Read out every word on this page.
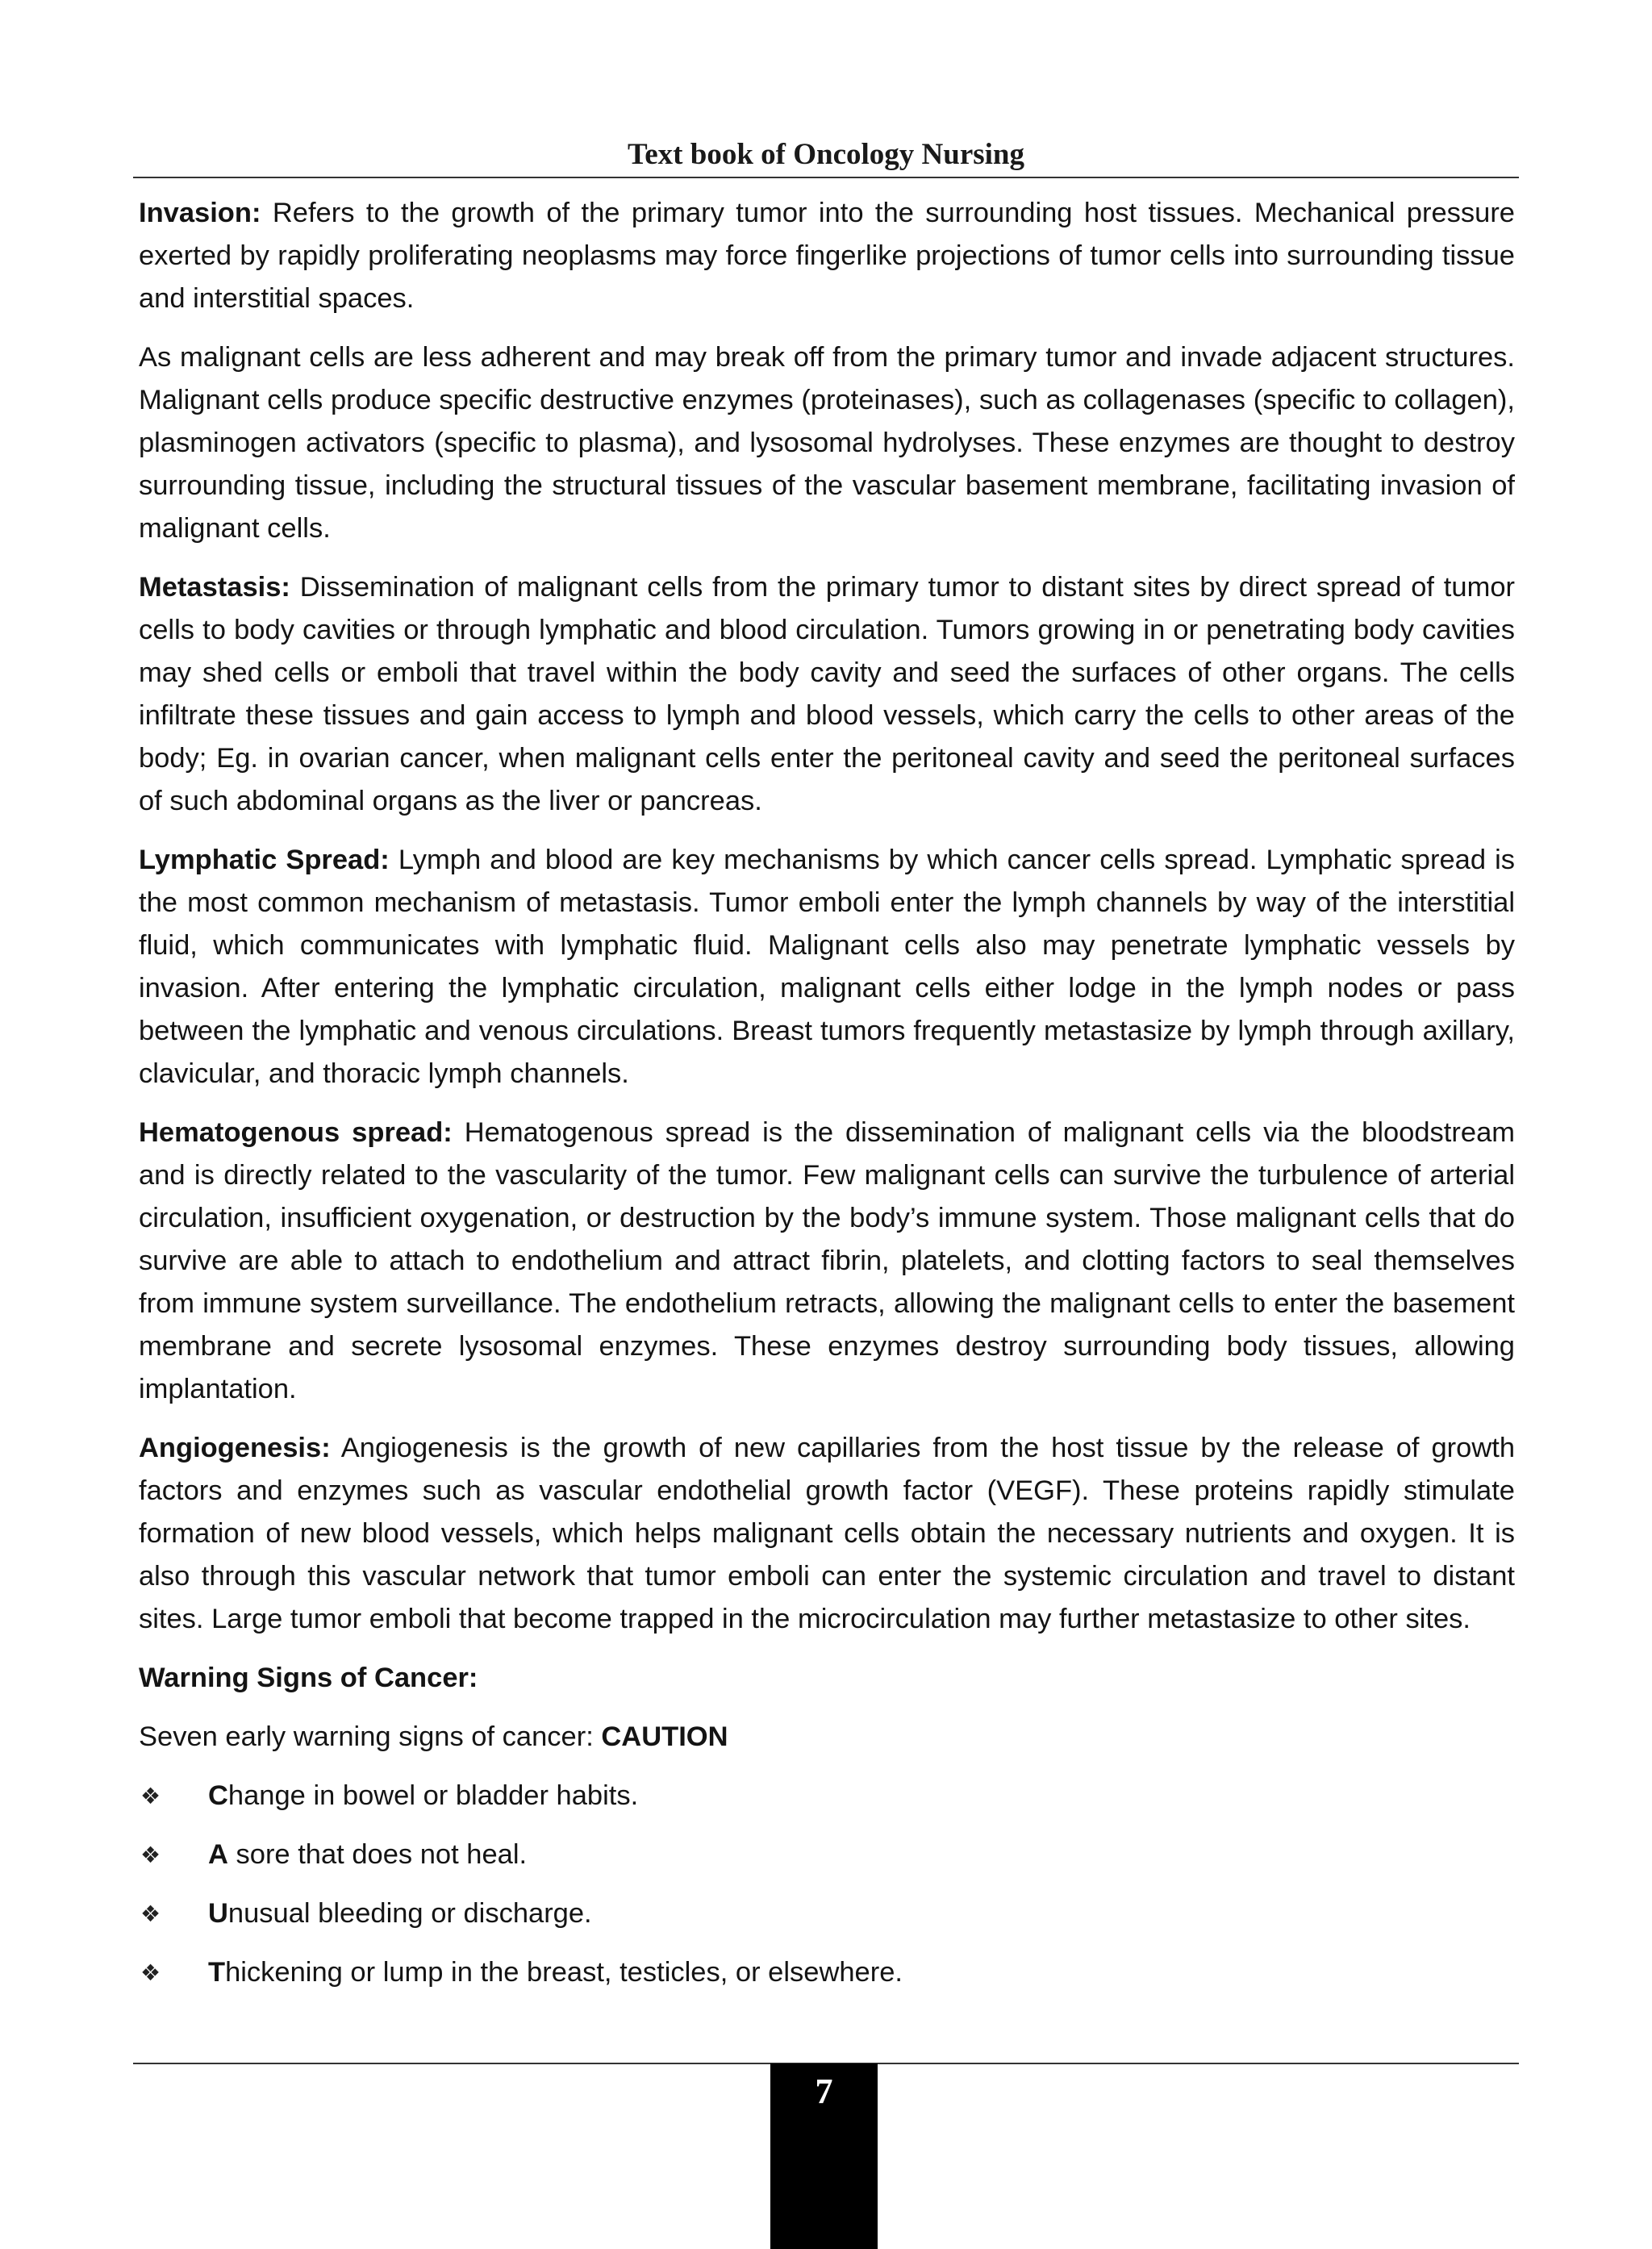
Text book of Oncology Nursing

Invasion: Refers to the growth of the primary tumor into the surrounding host tissues. Mechanical pressure exerted by rapidly proliferating neoplasms may force fingerlike projections of tumor cells into surrounding tissue and interstitial spaces.

As malignant cells are less adherent and may break off from the primary tumor and invade adjacent structures. Malignant cells produce specific destructive enzymes (proteinases), such as collagenases (specific to collagen), plasminogen activators (specific to plasma), and lysosomal hydrolyses. These enzymes are thought to destroy surrounding tissue, including the structural tissues of the vascular basement membrane, facilitating invasion of malignant cells.

Metastasis: Dissemination of malignant cells from the primary tumor to distant sites by direct spread of tumor cells to body cavities or through lymphatic and blood circulation. Tumors growing in or penetrating body cavities may shed cells or emboli that travel within the body cavity and seed the surfaces of other organs. The cells infiltrate these tissues and gain access to lymph and blood vessels, which carry the cells to other areas of the body; Eg. in ovarian cancer, when malignant cells enter the peritoneal cavity and seed the peritoneal surfaces of such abdominal organs as the liver or pancreas.

Lymphatic Spread: Lymph and blood are key mechanisms by which cancer cells spread. Lymphatic spread is the most common mechanism of metastasis. Tumor emboli enter the lymph channels by way of the interstitial fluid, which communicates with lymphatic fluid. Malignant cells also may penetrate lymphatic vessels by invasion. After entering the lymphatic circulation, malignant cells either lodge in the lymph nodes or pass between the lymphatic and venous circulations. Breast tumors frequently metastasize by lymph through axillary, clavicular, and thoracic lymph channels.

Hematogenous spread: Hematogenous spread is the dissemination of malignant cells via the bloodstream and is directly related to the vascularity of the tumor. Few malignant cells can survive the turbulence of arterial circulation, insufficient oxygenation, or destruction by the body’s immune system. Those malignant cells that do survive are able to attach to endothelium and attract fibrin, platelets, and clotting factors to seal themselves from immune system surveillance. The endothelium retracts, allowing the malignant cells to enter the basement membrane and secrete lysosomal enzymes. These enzymes destroy surrounding body tissues, allowing implantation.

Angiogenesis: Angiogenesis is the growth of new capillaries from the host tissue by the release of growth factors and enzymes such as vascular endothelial growth factor (VEGF). These proteins rapidly stimulate formation of new blood vessels, which helps malignant cells obtain the necessary nutrients and oxygen. It is also through this vascular network that tumor emboli can enter the systemic circulation and travel to distant sites. Large tumor emboli that become trapped in the microcirculation may further metastasize to other sites.

Warning Signs of Cancer:
Seven early warning signs of cancer: CAUTION
❖ Change in bowel or bladder habits.
❖ A sore that does not heal.
❖ Unusual bleeding or discharge.
❖ Thickening or lump in the breast, testicles, or elsewhere.
7
